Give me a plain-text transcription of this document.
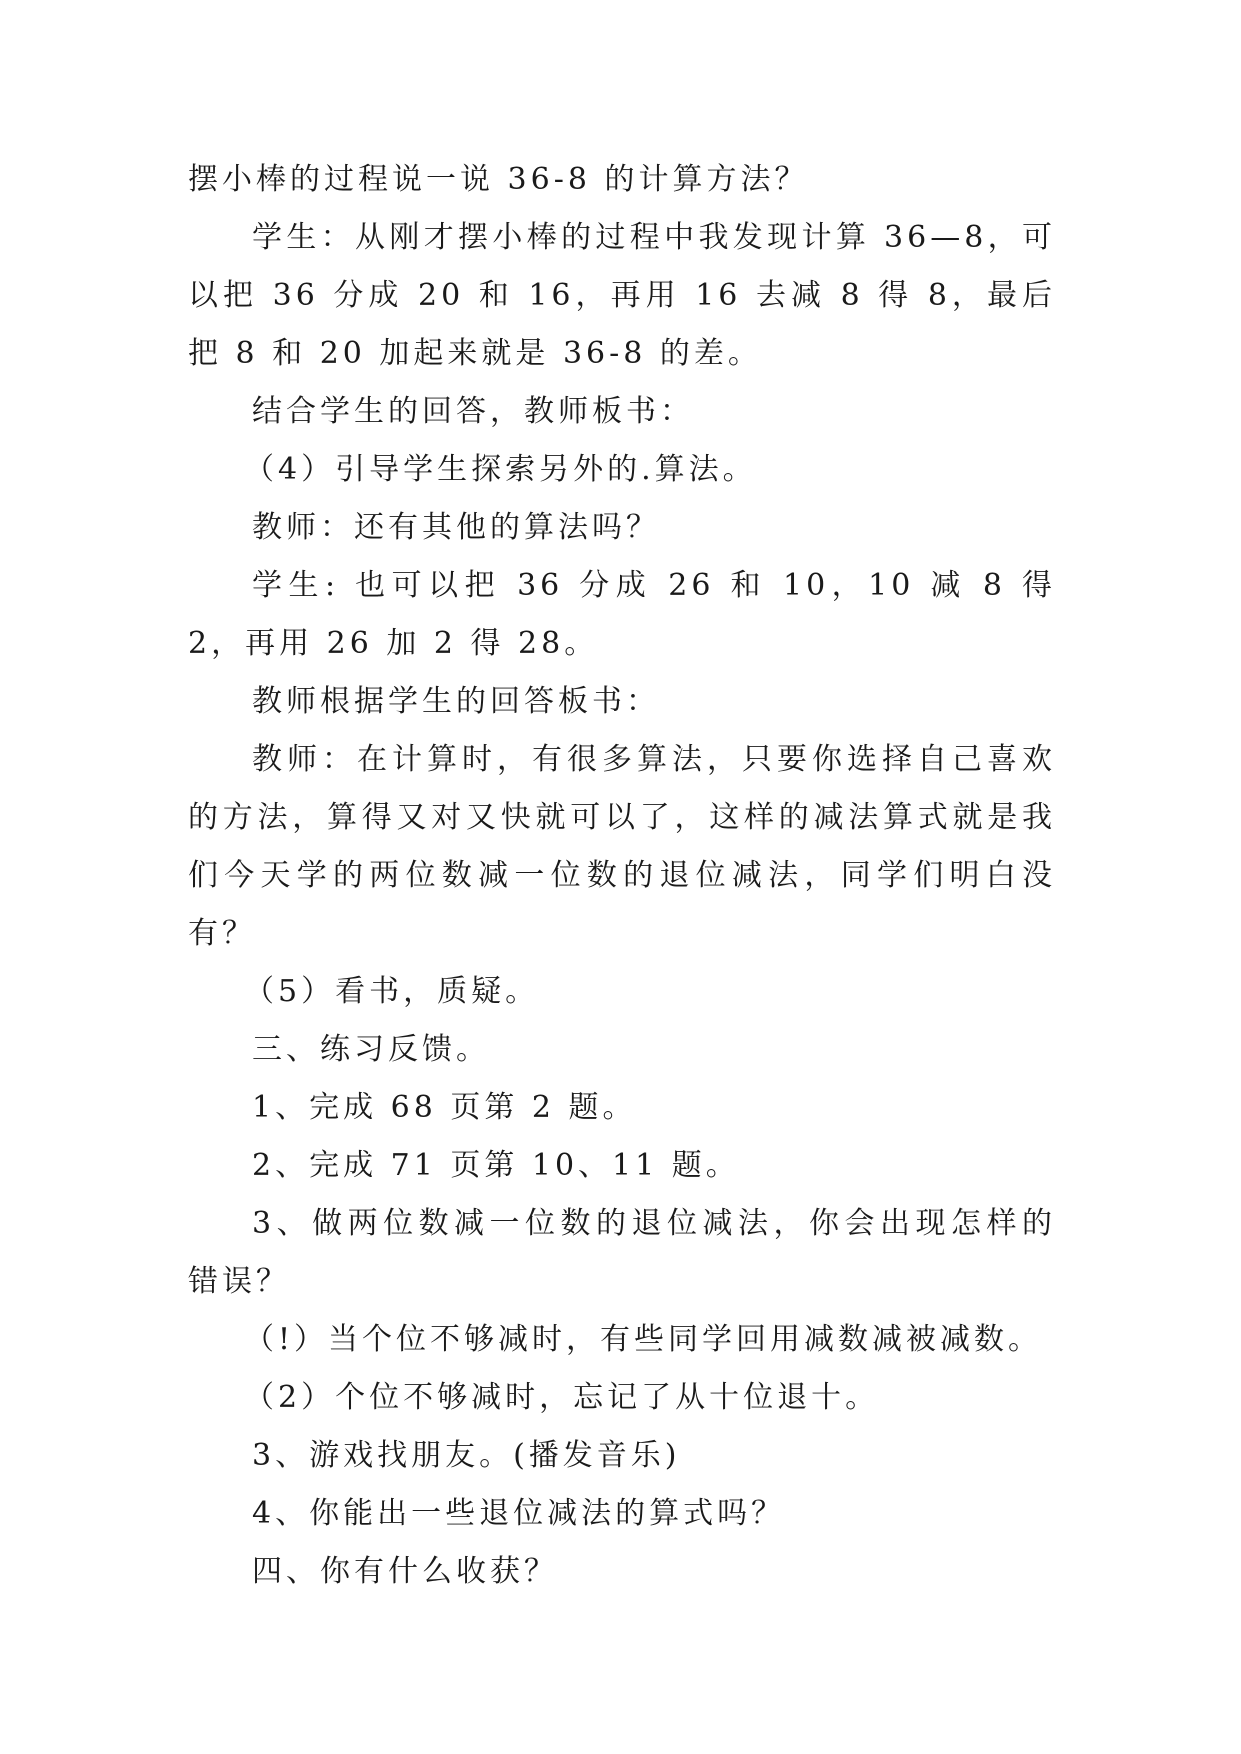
摆小棒的过程说一说 36-8 的计算方法？

学生：从刚才摆小棒的过程中我发现计算 36—8，可以把 36 分成 20 和 16，再用 16 去减 8 得 8，最后把 8 和 20 加起来就是 36-8 的差。

结合学生的回答，教师板书：

（4）引导学生探索另外的.算法。

教师：还有其他的算法吗？

学生: 也可以把 36 分成 26 和 10，10 减 8 得 2，再用 26 加 2 得 28。

教师根据学生的回答板书：

教师：在计算时，有很多算法，只要你选择自己喜欢的方法，算得又对又快就可以了，这样的减法算式就是我们今天学的两位数减一位数的退位减法，同学们明白没有？

（5）看书，质疑。

三、练习反馈。

1、完成 68 页第 2 题。

2、完成 71 页第 10、11 题。

3、做两位数减一位数的退位减法，你会出现怎样的错误？

（!）当个位不够减时，有些同学回用减数减被减数。

（2）个位不够减时，忘记了从十位退十。

3、游戏找朋友。(播发音乐)

4、你能出一些退位减法的算式吗？

四、你有什么收获？
